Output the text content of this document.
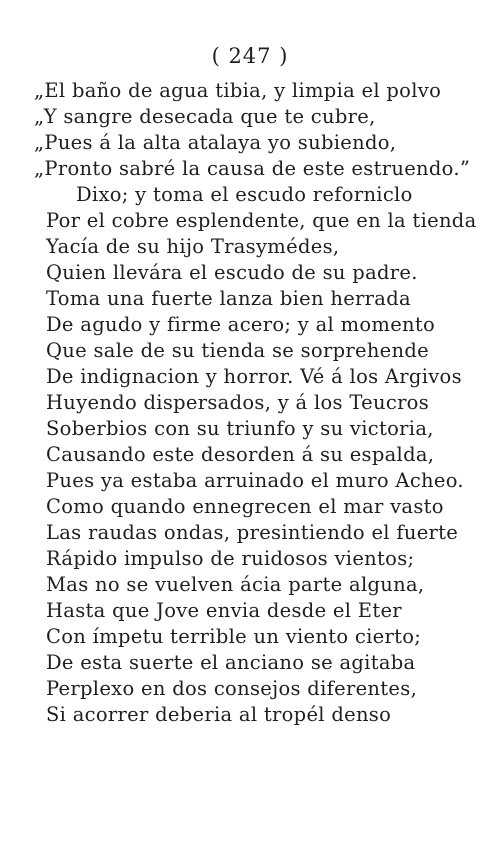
( 247 )
„El baño de agua tibia, y limpia el polvo
„Y sangre desecada que te cubre,
„Pues á la alta atalaya yo subiendo,
„Pronto sabré la causa de este estruendo.”
Dixo; y toma el escudo reforniclo
Por el cobre esplendente, que en la tienda
Yacía de su hijo Trasymédes,
Quien llevára el escudo de su padre.
Toma una fuerte lanza bien herrada
De agudo y firme acero; y al momento
Que sale de su tienda se sorprehende
De indignacion y horror. Vé á los Argivos
Huyendo dispersados, y á los Teucros
Soberbios con su triunfo y su victoria,
Causando este desorden á su espalda,
Pues ya estaba arruinado el muro Acheo.
Como quando ennegrecen el mar vasto
Las raudas ondas, presintiendo el fuerte
Rápido impulso de ruidosos vientos;
Mas no se vuelven ácia parte alguna,
Hasta que Jove envia desde el Eter
Con ímpetu terrible un viento cierto;
De esta suerte el anciano se agitaba
Perplexo en dos consejos diferentes,
Si acorrer deberia al tropél denso
